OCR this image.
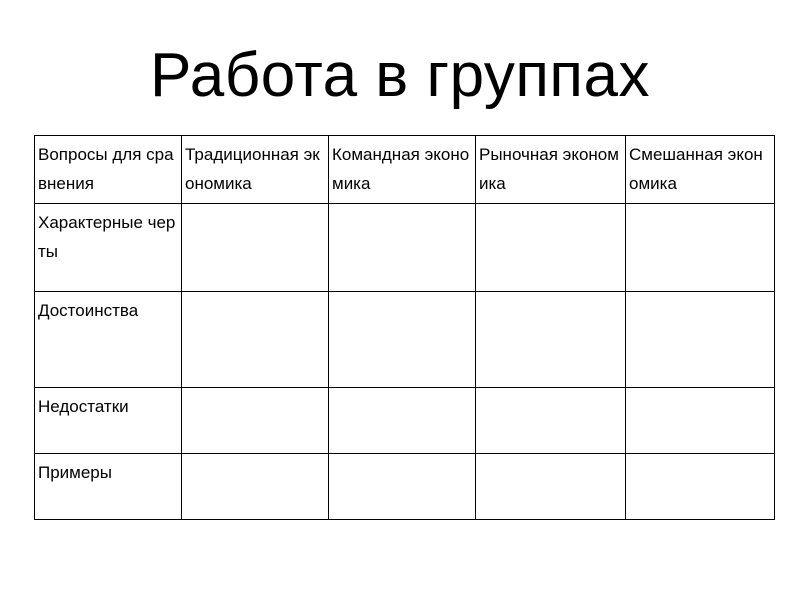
Работа в группах
Вопросы для сравнения	Традиционная экономика	Командная экономика	Рыночная экономика	Смешанная экономика
Характерные черты				
Достоинства				
Недостатки				
Примеры				
